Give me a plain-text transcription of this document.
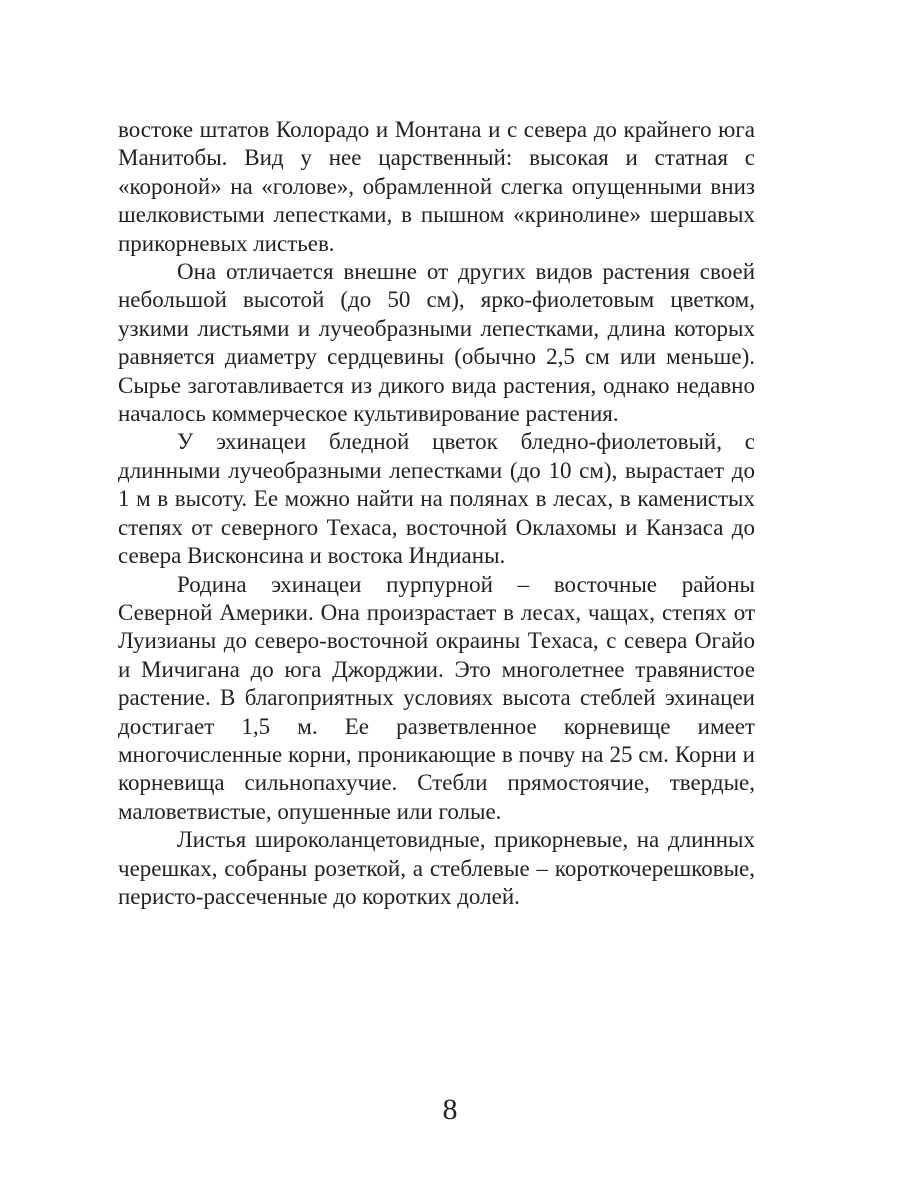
востоке штатов Колорадо и Монтана и с севера до крайнего юга Манитобы. Вид у нее царственный: высокая и статная с «короной» на «голове», обрамленной слегка опущенными вниз шелковистыми лепестками, в пышном «кринолине» шершавых прикорневых листьев.

Она отличается внешне от других видов растения своей небольшой высотой (до 50 см), ярко-фиолетовым цветком, узкими листьями и лучеобразными лепестками, длина которых равняется диаметру сердцевины (обычно 2,5 см или меньше). Сырье заготавливается из дикого вида растения, однако недавно началось коммерческое культивирование растения.

У эхинацеи бледной цветок бледно-фиолетовый, с длинными лучеобразными лепестками (до 10 см), вырастает до 1 м в высоту. Ее можно найти на полянах в лесах, в каменистых степях от северного Техаса, восточной Оклахомы и Канзаса до севера Висконсина и востока Индианы.

Родина эхинацеи пурпурной – восточные районы Северной Америки. Она произрастает в лесах, чащах, степях от Луизианы до северо-восточной окраины Техаса, с севера Огайо и Мичигана до юга Джорджии. Это многолетнее травянистое растение. В благоприятных условиях высота стеблей эхинацеи достигает 1,5 м. Ее разветвленное корневище имеет многочисленные корни, проникающие в почву на 25 см. Корни и корневища сильнопахучие. Стебли прямостоячие, твердые, маловетвистые, опушенные или голые.

Листья широколанцетовидные, прикорневые, на длинных черешках, собраны розеткой, а стеблевые – короткочерешковые, перисто-рассеченные до коротких долей.

8
